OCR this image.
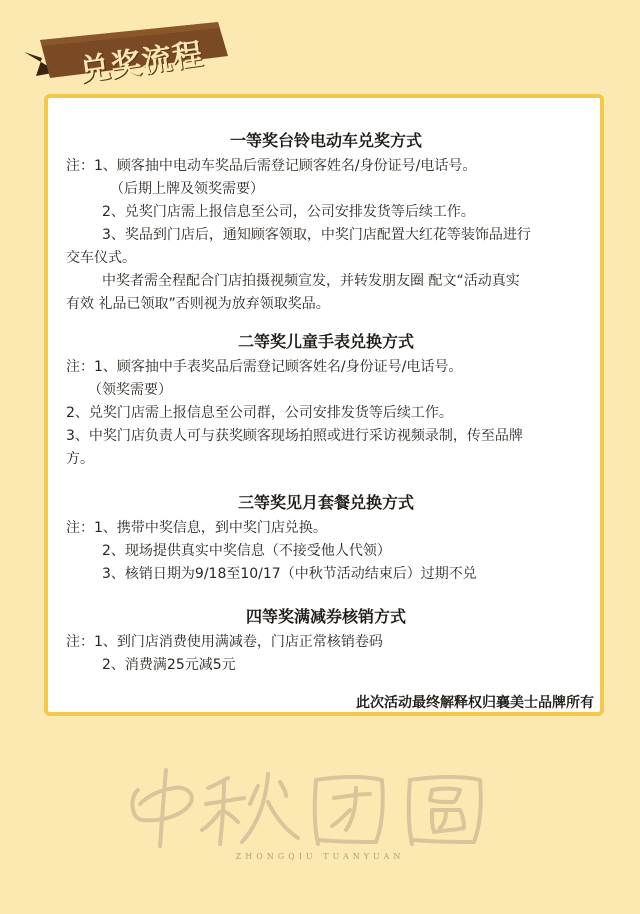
兑奖流程
一等奖台铃电动车兑奖方式
注：1、顾客抽中电动车奖品后需登记顾客姓名/身份证号/电话号。
（后期上牌及领奖需要）
2、兑奖门店需上报信息至公司，公司安排发货等后续工作。
3、奖品到门店后，通知顾客领取，中奖门店配置大红花等装饰品进行
交车仪式。
中奖者需全程配合门店拍摄视频宣发，并转发朋友圈 配文“活动真实
有效 礼品已领取”否则视为放弃领取奖品。
二等奖儿童手表兑换方式
注：1、顾客抽中手表奖品后需登记顾客姓名/身份证号/电话号。
（领奖需要）
2、兑奖门店需上报信息至公司群，公司安排发货等后续工作。
3、中奖门店负责人可与获奖顾客现场拍照或进行采访视频录制，传至品牌
方。
三等奖见月套餐兑换方式
注：1、携带中奖信息，到中奖门店兑换。
2、现场提供真实中奖信息（不接受他人代领）
3、核销日期为9/18至10/17（中秋节活动结束后）过期不兑
四等奖满减券核销方式
注：1、到门店消费使用满减卷，门店正常核销卷码
2、消费满25元减5元
此次活动最终解释权归襄美士品牌所有
ZHONGQIU TUANYUAN
